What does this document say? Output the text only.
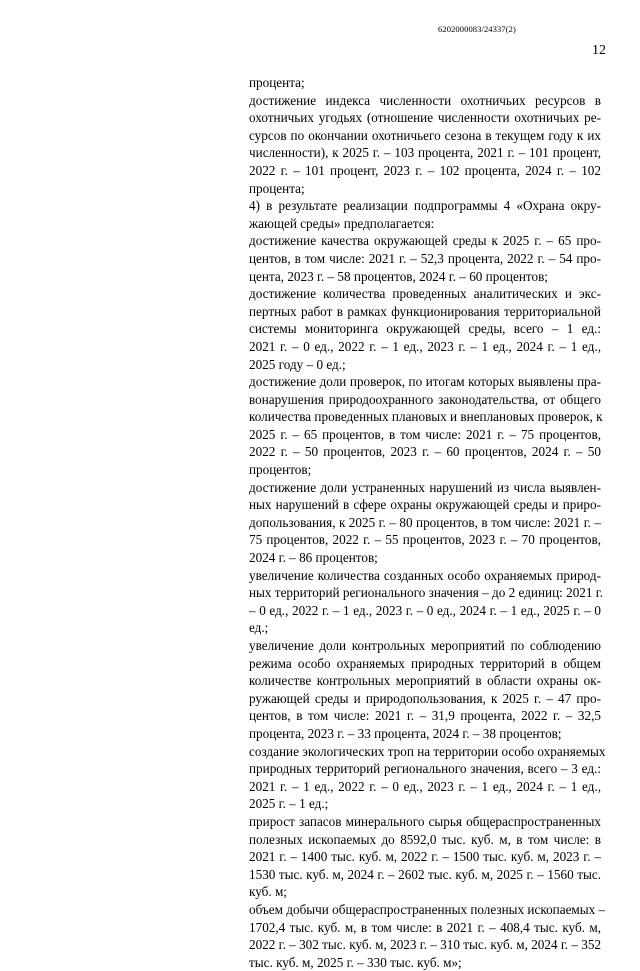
6202000083/24337(2)
12
процента;
достижение индекса численности охотничьих ресурсов в
охотничьих угодьях (отношение численности охотничьих ре-
сурсов по окончании охотничьего сезона в текущем году к их
численности), к 2025 г. – 103 процента, 2021 г. – 101 процент,
2022 г. – 101 процент, 2023 г. – 102 процента, 2024 г. – 102
процента;
4) в результате реализации подпрограммы 4 «Охрана окру-
жающей среды» предполагается:
достижение качества окружающей среды к 2025 г. – 65 про-
центов, в том числе: 2021 г. – 52,3 процента, 2022 г. – 54 про-
цента, 2023 г. – 58 процентов, 2024 г. – 60 процентов;
достижение количества проведенных аналитических и экс-
пертных работ в рамках функционирования территориальной
системы мониторинга окружающей среды, всего – 1 ед.:
2021 г. – 0 ед., 2022 г. – 1 ед., 2023 г. – 1 ед., 2024 г. – 1 ед.,
2025 году – 0 ед.;
достижение доли проверок, по итогам которых выявлены пра-
вонарушения природоохранного законодательства, от общего
количества проведенных плановых и внеплановых проверок, к
2025 г. – 65 процентов, в том числе: 2021 г. – 75 процентов,
2022 г. – 50 процентов, 2023 г. – 60 процентов, 2024 г. – 50
процентов;
достижение доли устраненных нарушений из числа выявлен-
ных нарушений в сфере охраны окружающей среды и приро-
допользования, к 2025 г. – 80 процентов, в том числе: 2021 г. –
75 процентов, 2022 г. – 55 процентов, 2023 г. – 70 процентов,
2024 г. – 86 процентов;
увеличение количества созданных особо охраняемых природ-
ных территорий регионального значения – до 2 единиц: 2021 г.
– 0 ед., 2022 г. – 1 ед., 2023 г. – 0 ед., 2024 г. – 1 ед., 2025 г. – 0
ед.;
увеличение доли контрольных мероприятий по соблюдению
режима особо охраняемых природных территорий в общем
количестве контрольных мероприятий в области охраны ок-
ружающей среды и природопользования, к 2025 г. – 47 про-
центов, в том числе: 2021 г. – 31,9 процента, 2022 г. – 32,5
процента, 2023 г. – 33 процента, 2024 г. – 38 процентов;
создание экологических троп на территории особо охраняемых
природных территорий регионального значения, всего – 3 ед.:
2021 г. – 1 ед., 2022 г. – 0 ед., 2023 г. – 1 ед., 2024 г. – 1 ед.,
2025 г. – 1 ед.;
прирост запасов минерального сырья общераспространенных
полезных ископаемых до 8592,0 тыс. куб. м, в том числе: в
2021 г. – 1400 тыс. куб. м, 2022 г. – 1500 тыс. куб. м, 2023 г. –
1530 тыс. куб. м, 2024 г. – 2602 тыс. куб. м, 2025 г. – 1560 тыс.
куб. м;
объем добычи общераспространенных полезных ископаемых –
1702,4 тыс. куб. м, в том числе: в 2021 г. – 408,4 тыс. куб. м,
2022 г. – 302 тыс. куб. м, 2023 г. – 310 тыс. куб. м, 2024 г. – 352
тыс. куб. м, 2025 г. – 330 тыс. куб. м»;
